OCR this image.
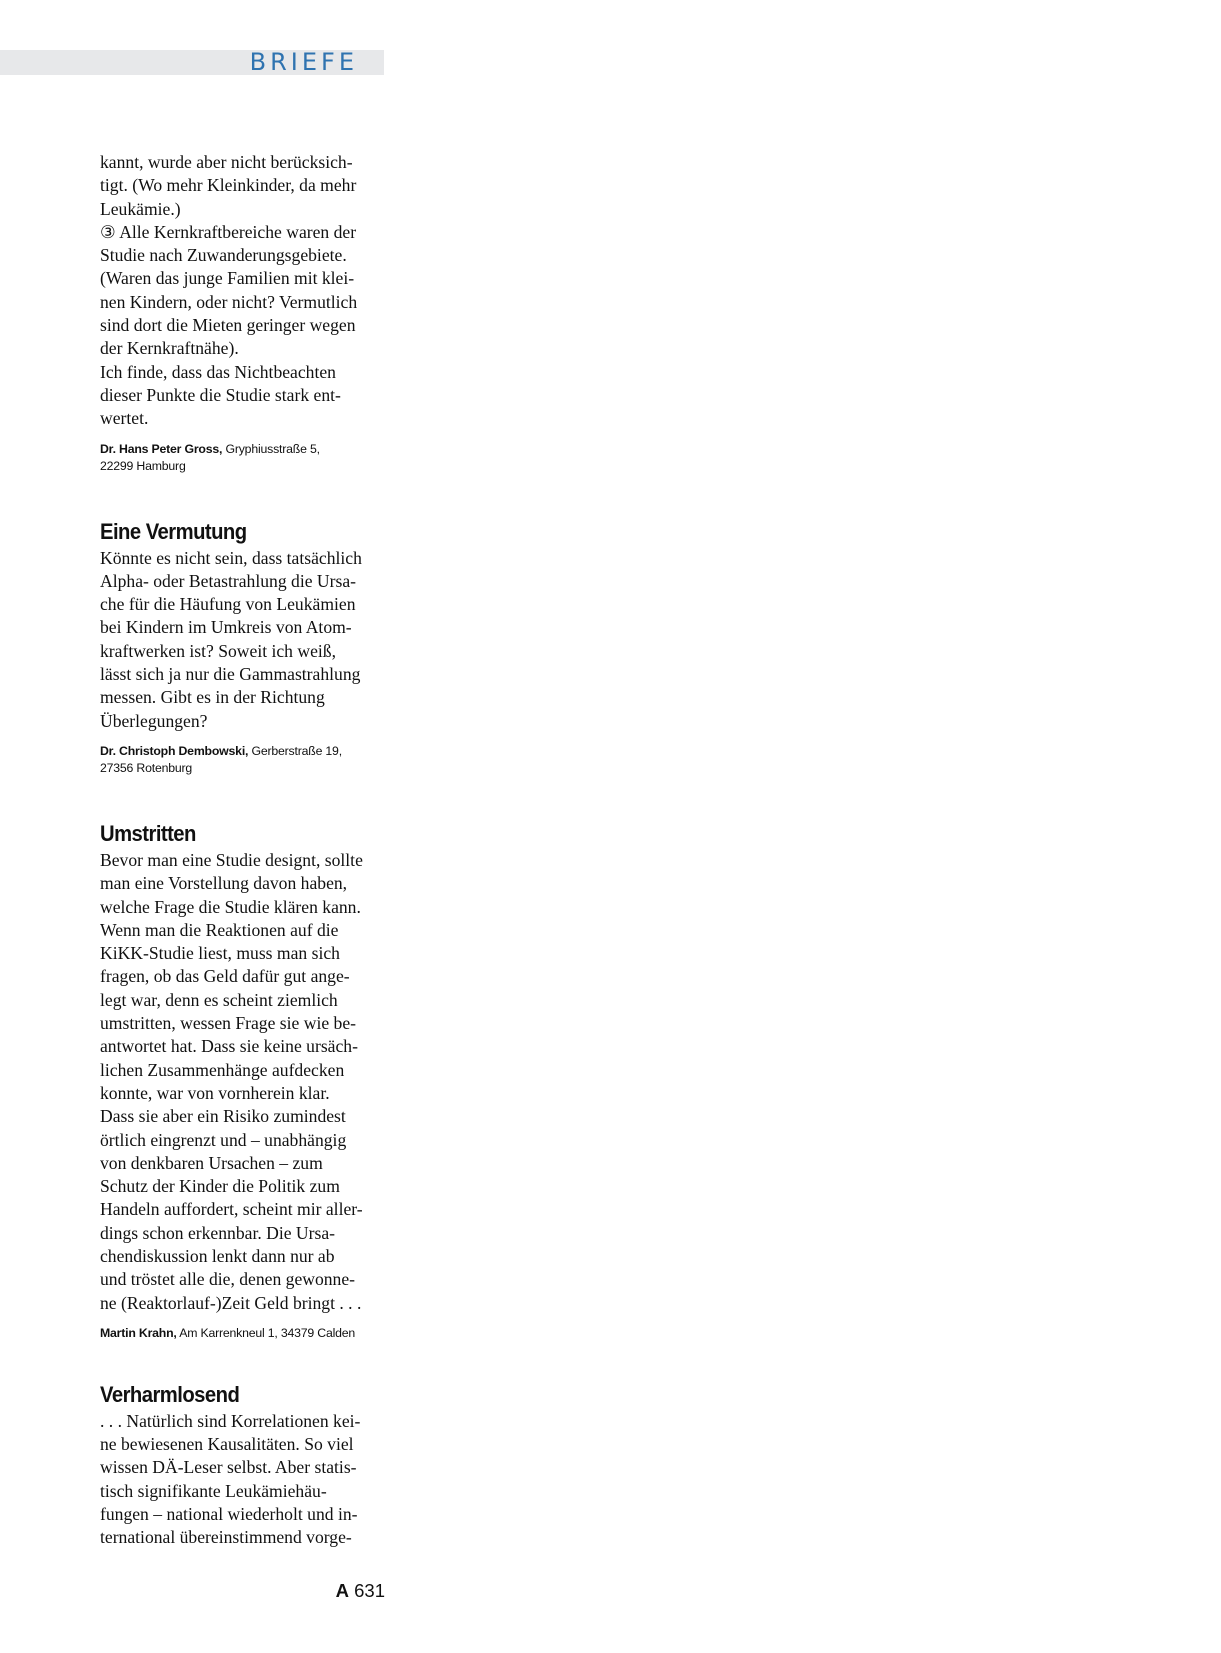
BRIEFE

kannt, wurde aber nicht berücksich-
tigt. (Wo mehr Kleinkinder, da mehr
Leukämie.)
③ Alle Kernkraftbereiche waren der
Studie nach Zuwanderungsgebiete.
(Waren das junge Familien mit klei-
nen Kindern, oder nicht? Vermutlich
sind dort die Mieten geringer wegen
der Kernkraftnähe).
Ich finde, dass das Nichtbeachten
dieser Punkte die Studie stark ent-
wertet.

Dr. Hans Peter Gross, Gryphiusstraße 5,
22299 Hamburg

Eine Vermutung

Könnte es nicht sein, dass tatsächlich
Alpha- oder Betastrahlung die Ursa-
che für die Häufung von Leukämien
bei Kindern im Umkreis von Atom-
kraftwerken ist? Soweit ich weiß,
lässt sich ja nur die Gammastrahlung
messen. Gibt es in der Richtung
Überlegungen?

Dr. Christoph Dembowski, Gerberstraße 19,
27356 Rotenburg

Umstritten

Bevor man eine Studie designt, sollte
man eine Vorstellung davon haben,
welche Frage die Studie klären kann.
Wenn man die Reaktionen auf die
KiKK-Studie liest, muss man sich
fragen, ob das Geld dafür gut ange-
legt war, denn es scheint ziemlich
umstritten, wessen Frage sie wie be-
antwortet hat. Dass sie keine ursäch-
lichen Zusammenhänge aufdecken
konnte, war von vornherein klar.
Dass sie aber ein Risiko zumindest
örtlich eingrenzt und – unabhängig
von denkbaren Ursachen – zum
Schutz der Kinder die Politik zum
Handeln auffordert, scheint mir aller-
dings schon erkennbar. Die Ursa-
chendiskussion lenkt dann nur ab
und tröstet alle die, denen gewonne-
ne (Reaktorlauf-)Zeit Geld bringt . . .

Martin Krahn, Am Karrenkneul 1, 34379 Calden

Verharmlosend

. . . Natürlich sind Korrelationen kei-
ne bewiesenen Kausalitäten. So viel
wissen DÄ-Leser selbst. Aber statis-
tisch signifikante Leukämiehäu-
fungen – national wiederholt und in-
ternational übereinstimmend vorge-

A 631
